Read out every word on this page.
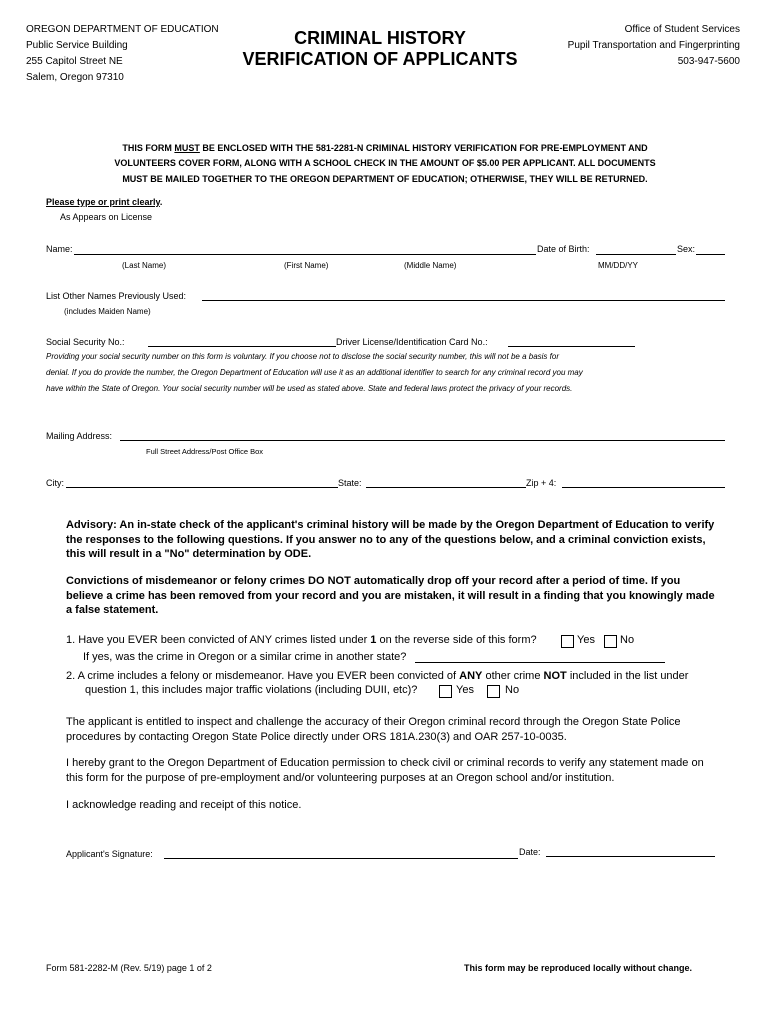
OREGON DEPARTMENT OF EDUCATION
Public Service Building
255 Capitol Street NE
Salem, Oregon 97310
CRIMINAL HISTORY
VERIFICATION OF APPLICANTS
Office of Student Services
Pupil Transportation and Fingerprinting
503-947-5600
THIS FORM MUST BE ENCLOSED WITH THE 581-2281-N CRIMINAL HISTORY VERIFICATION FOR PRE-EMPLOYMENT AND
VOLUNTEERS COVER FORM, ALONG WITH A SCHOOL CHECK IN THE AMOUNT OF $5.00 PER APPLICANT. ALL DOCUMENTS
MUST BE MAILED TOGETHER TO THE OREGON DEPARTMENT OF EDUCATION; OTHERWISE, THEY WILL BE RETURNED.
Please type or print clearly.
As Appears on License
Name:	Date of Birth:	Sex:
(Last Name)	(First Name)	(Middle Name)	MM/DD/YY
List Other Names Previously Used:
(includes Maiden Name)
Social Security No.:	Driver License/Identification Card No.:
Providing your social security number on this form is voluntary. If you choose not to disclose the social security number, this will not be a basis for
denial. If you do provide the number, the Oregon Department of Education will use it as an additional identifier to search for any criminal record you may
have within the State of Oregon. Your social security number will be used as stated above. State and federal laws protect the privacy of your records.
Mailing Address:
Full Street Address/Post Office Box
City:	State:	Zip + 4:
Advisory: An in-state check of the applicant's criminal history will be made by the Oregon Department of Education to verify the responses to the following questions. If you answer no to any of the questions below, and a criminal conviction exists, this will result in a "No" determination by ODE.
Convictions of misdemeanor or felony crimes DO NOT automatically drop off your record after a period of time. If you believe a crime has been removed from your record and you are mistaken, it will result in a finding that you knowingly made a false statement.
1. Have you EVER been convicted of ANY crimes listed under 1 on the reverse side of this form?	Yes No
If yes, was the crime in Oregon or a similar crime in another state?
2. A crime includes a felony or misdemeanor. Have you EVER been convicted of ANY other crime NOT included in the list under
question 1, this includes major traffic violations (including DUII, etc)?	Yes	No
The applicant is entitled to inspect and challenge the accuracy of their Oregon criminal record through the Oregon State Police procedures by contacting Oregon State Police directly under ORS 181A.230(3) and OAR 257-10-0035.
I hereby grant to the Oregon Department of Education permission to check civil or criminal records to verify any statement made on this form for the purpose of pre-employment and/or volunteering purposes at an Oregon school and/or institution.
I acknowledge reading and receipt of this notice.
Applicant's Signature:	Date:
Form 581-2282-M (Rev. 5/19) page 1 of 2	This form may be reproduced locally without change.
